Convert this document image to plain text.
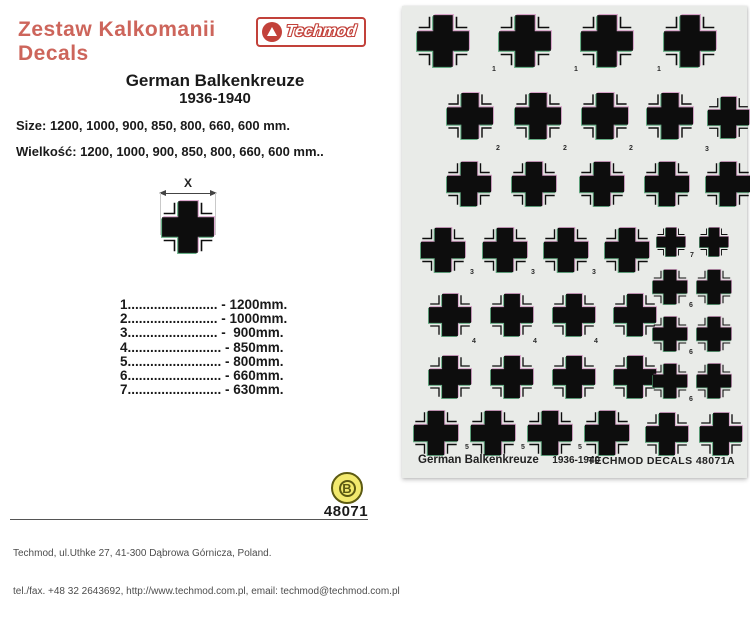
Zestaw Kalkomanii
Decals
Techmod
German Balkenkreuze
1936-1940
Size: 1200, 1000, 900, 850, 800, 660, 600 mm.
Wielkość: 1200, 1000, 900, 850, 800, 660, 600 mm..
X
1........................ - 1200mm.
2........................ - 1000mm.
3........................ -  900mm.
4......................... - 850mm.
5......................... - 800mm.
6......................... - 660mm.
7......................... - 630mm.
B
48071

Techmod, ul.Uthke 27, 41-300 Dąbrowa Górnicza, Poland.

tel./fax. +48 32 2643692, http://www.techmod.com.pl, email: techmod@techmod.com.pl

1	1	1
2	2	2	3
3	3	3
4	4	4
5	5	5
7
6
6
6
German Balkenkreuze 1936-1940
TECHMOD DECALS 48071A
